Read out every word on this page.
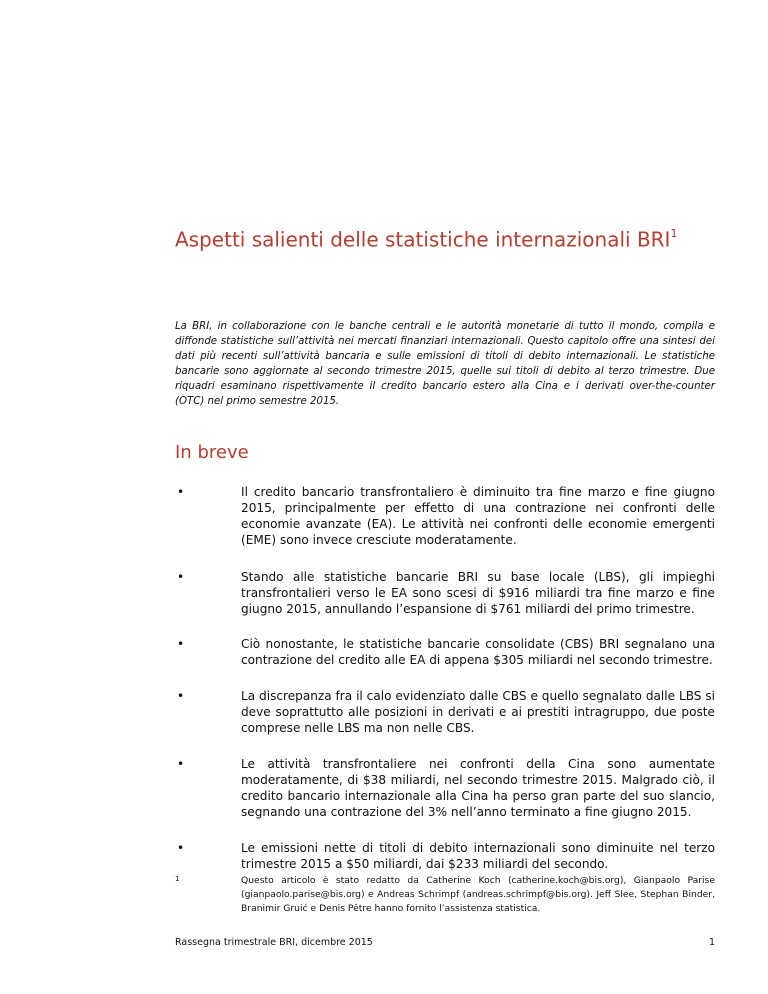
Aspetti salienti delle statistiche internazionali BRI$^1$

La BRI, in collaborazione con le banche centrali e le autorità monetarie di tutto il mondo, compila e diffonde statistiche sull’attività nei mercati finanziari internazionali. Questo capitolo offre una sintesi dei dati più recenti sull’attività bancaria e sulle emissioni di titoli di debito internazionali. Le statistiche bancarie sono aggiornate al secondo trimestre 2015, quelle sui titoli di debito al terzo trimestre. Due riquadri esaminano rispettivamente il credito bancario estero alla Cina e i derivati over-the-counter (OTC) nel primo semestre 2015.

In breve
•	Il credito bancario transfrontaliero è diminuito tra fine marzo e fine giugno 2015, principalmente per effetto di una contrazione nei confronti delle economie avanzate (EA). Le attività nei confronti delle economie emergenti (EME) sono invece cresciute moderatamente.
•	Stando alle statistiche bancarie BRI su base locale (LBS), gli impieghi transfrontalieri verso le EA sono scesi di $916 miliardi tra fine marzo e fine giugno 2015, annullando l’espansione di $761 miliardi del primo trimestre.
•	Ciò nonostante, le statistiche bancarie consolidate (CBS) BRI segnalano una contrazione del credito alle EA di appena $305 miliardi nel secondo trimestre.
•	La discrepanza fra il calo evidenziato dalle CBS e quello segnalato dalle LBS si deve soprattutto alle posizioni in derivati e ai prestiti intragruppo, due poste comprese nelle LBS ma non nelle CBS.
•	Le attività transfrontaliere nei confronti della Cina sono aumentate moderatamente, di $38 miliardi, nel secondo trimestre 2015. Malgrado ciò, il credito bancario internazionale alla Cina ha perso gran parte del suo slancio, segnando una contrazione del 3% nell’anno terminato a fine giugno 2015.
•	Le emissioni nette di titoli di debito internazionali sono diminuite nel terzo trimestre 2015 a $50 miliardi, dai $233 miliardi del secondo.
1	Questo articolo è stato redatto da Catherine Koch (catherine.koch@bis.org), Gianpaolo Parise (gianpaolo.parise@bis.org) e Andreas Schrimpf (andreas.schrimpf@bis.org). Jeff Slee, Stephan Binder, Branimir Gruić e Denis Pêtre hanno fornito l’assistenza statistica.
Rassegna trimestrale BRI, dicembre 2015	1
